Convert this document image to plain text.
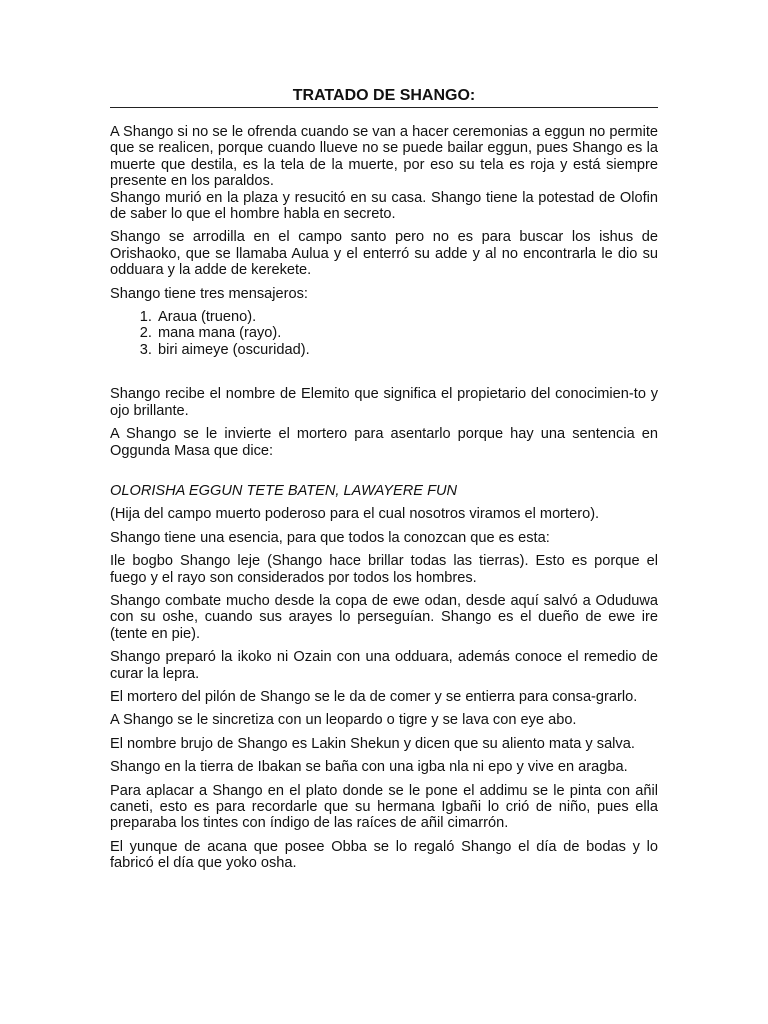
TRATADO DE SHANGO:

A Shango si no se le ofrenda cuando se van a hacer ceremonias a eggun no permite que se realicen, porque cuando llueve no se puede bailar eggun, pues Shango es la muerte que destila, es la tela de la muerte, por eso su tela es roja y está siempre presente en los paraldos.

Shango murió en la plaza y resucitó en su casa. Shango tiene la potestad de Olofin de saber lo que el hombre habla en secreto.

Shango se arrodilla en el campo santo pero no es para buscar los ishus de Orishaoko, que se llamaba Aulua y el enterró su adde y al no encontrarla le dio su odduara y la adde de kerekete.

Shango tiene tres mensajeros:

1. Araua (trueno).
2. mana mana (rayo).
3. biri aimeye (oscuridad).

Shango recibe el nombre de Elemito que significa el propietario del conocimien-to y ojo brillante.

A Shango se le invierte el mortero para asentarlo porque hay una sentencia en Oggunda Masa que dice:

OLORISHA EGGUN TETE BATEN, LAWAYERE FUN

(Hija del campo muerto poderoso para el cual nosotros viramos el mortero).

Shango tiene una esencia, para que todos la conozcan que es esta:

Ile bogbo Shango leje (Shango hace brillar todas las tierras). Esto es porque el fuego y el rayo son considerados por todos los hombres.

Shango combate mucho desde la copa de ewe odan, desde aquí salvó a Oduduwa con su oshe, cuando sus arayes lo perseguían. Shango es el dueño de ewe ire (tente en pie).

Shango preparó la ikoko ni Ozain con una odduara, además conoce el remedio de curar la lepra.

El mortero del pilón de Shango se le da de comer y se entierra para consa-grarlo.

A Shango se le sincretiza con un leopardo o tigre y se lava con eye abo.

El nombre brujo de Shango es Lakin Shekun y dicen que su aliento mata y salva.

Shango en la tierra de Ibakan se baña con una igba nla ni epo y vive en aragba.

Para aplacar a Shango en el plato donde se le pone el addimu se le pinta con añil caneti, esto es para recordarle que su hermana Igbañi lo crió de niño, pues ella preparaba los tintes con índigo de las raíces de añil cimarrón.

El yunque de acana que posee Obba se lo regaló Shango el día de bodas y lo fabricó el día que yoko osha.
